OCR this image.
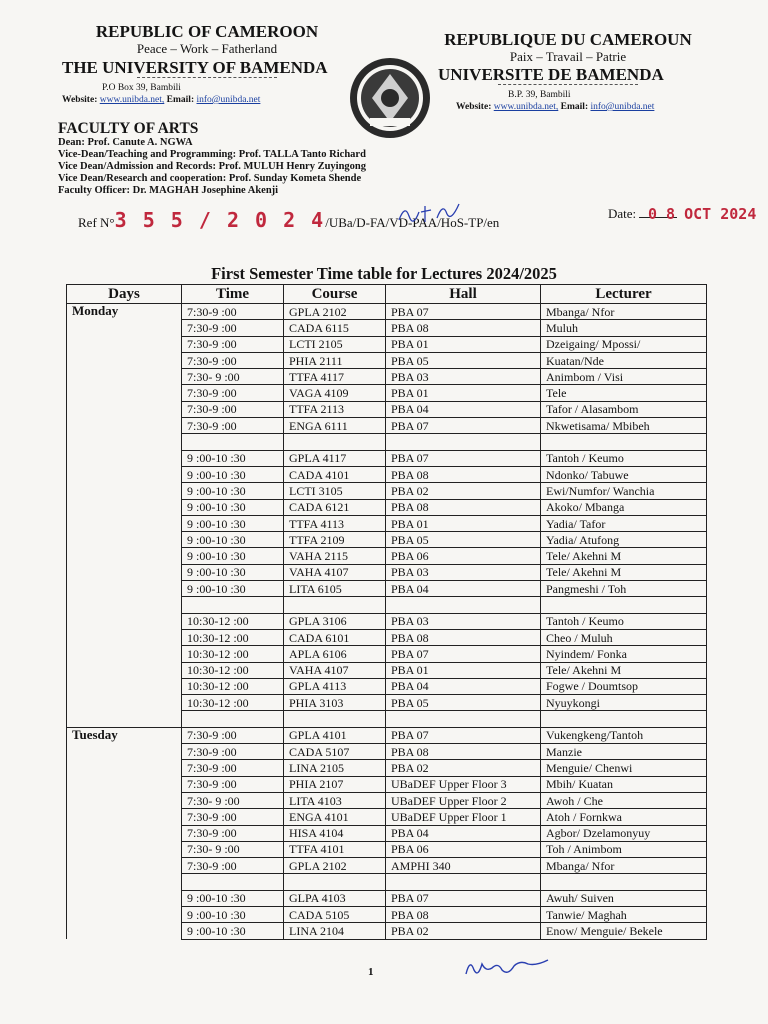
REPUBLIC OF CAMEROON
Peace – Work – Fatherland
THE UNIVERSITY OF BAMENDA
P.O Box 39, Bambili
Website: www.unibda.net, Email: info@unibda.net
REPUBLIQUE DU CAMEROUN
Paix – Travail – Patrie
UNIVERSITE DE BAMENDA
B.P. 39, Bambili
Website: www.unibda.net, Email: info@unibda.net
FACULTY OF ARTS
Dean: Prof. Canute A. NGWA
Vice-Dean/Teaching and Programming: Prof. TALLA Tanto Richard
Vice Dean/Admission and Records: Prof. MULUH Henry Zuyingong
Vice Dean/Research and cooperation: Prof. Sunday Kometa Shende
Faculty Officer: Dr. MAGHAH Josephine Akenji
Ref N°3 5 5 / 2 0 2 4/UBa/D-FA/VD-PAA/HoS-TP/en
Date: 0 8 OCT 2024
First Semester Time table for Lectures 2024/2025
Days	Time	Course	Hall	Lecturer
Monday	7:30-9 :00	GPLA 2102	PBA 07	Mbanga/ Nfor
	7:30-9 :00	CADA 6115	PBA 08	Muluh
	7:30-9 :00	LCTI 2105	PBA 01	Dzeigaing/ Mpossi/
	7:30-9 :00	PHIA 2111	PBA 05	Kuatan/Nde
	7:30- 9 :00	TTFA 4117	PBA 03	Animbom / Visi
	7:30-9 :00	VAGA 4109	PBA 01	Tele
	7:30-9 :00	TTFA 2113	PBA 04	Tafor / Alasambom
	7:30-9 :00	ENGA 6111	PBA 07	Nkwetisama/ Mbibeh

	9 :00-10 :30	GPLA 4117	PBA 07	Tantoh / Keumo
	9 :00-10 :30	CADA 4101	PBA 08	Ndonko/ Tabuwe
	9 :00-10 :30	LCTI 3105	PBA 02	Ewi/Numfor/ Wanchia
	9 :00-10 :30	CADA 6121	PBA 08	Akoko/ Mbanga
	9 :00-10 :30	TTFA 4113	PBA 01	Yadia/ Tafor
	9 :00-10 :30	TTFA 2109	PBA 05	Yadia/ Atufong
	9 :00-10 :30	VAHA 2115	PBA 06	Tele/ Akehni M
	9 :00-10 :30	VAHA 4107	PBA 03	Tele/ Akehni M
	9 :00-10 :30	LITA 6105	PBA 04	Pangmeshi / Toh

	10:30-12 :00	GPLA 3106	PBA 03	Tantoh / Keumo
	10:30-12 :00	CADA 6101	PBA 08	Cheo / Muluh
	10:30-12 :00	APLA 6106	PBA 07	Nyindem/ Fonka
	10:30-12 :00	VAHA 4107	PBA 01	Tele/ Akehni M
	10:30-12 :00	GPLA 4113	PBA 04	Fogwe / Doumtsop
	10:30-12 :00	PHIA 3103	PBA 05	Nyuykongi

Tuesday	7:30-9 :00	GPLA 4101	PBA 07	Vukengkeng/Tantoh
	7:30-9 :00	CADA 5107	PBA 08	Manzie
	7:30-9 :00	LINA 2105	PBA 02	Menguie/ Chenwi
	7:30-9 :00	PHIA 2107	UBaDEF Upper Floor 3	Mbih/ Kuatan
	7:30- 9 :00	LITA 4103	UBaDEF Upper Floor 2	Awoh / Che
	7:30-9 :00	ENGA 4101	UBaDEF Upper Floor 1	Atoh / Fornkwa
	7:30-9 :00	HISA 4104	PBA 04	Agbor/ Dzelamonyuy
	7:30- 9 :00	TTFA 4101	PBA 06	Toh / Animbom
	7:30-9 :00	GPLA 2102	AMPHI 340	Mbanga/ Nfor

	9 :00-10 :30	GLPA 4103	PBA 07	Awuh/ Suiven
	9 :00-10 :30	CADA 5105	PBA 08	Tanwie/ Maghah
	9 :00-10 :30	LINA 2104	PBA 02	Enow/ Menguie/ Bekele
1
